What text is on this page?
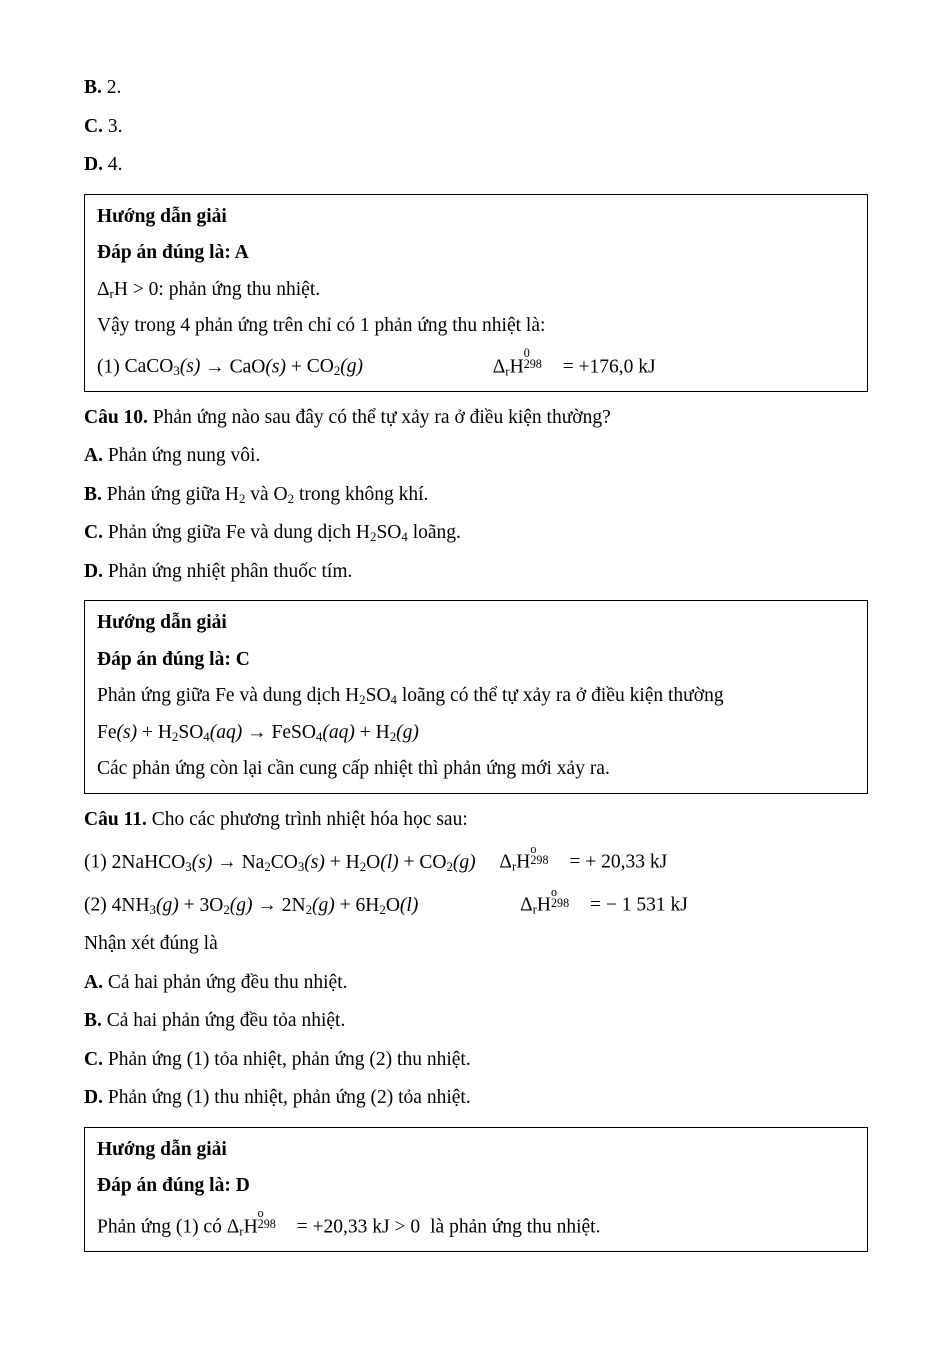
B. 2.
C. 3.
D. 4.
Hướng dẫn giải
Đáp án đúng là: A
$\Delta_rH > 0$: phản ứng thu nhiệt.
Vậy trong 4 phản ứng trên chỉ có 1 phản ứng thu nhiệt là:
(1) CaCO$_3$(s) → $CaO(s) + CO_2(g)$	$\Delta_rH$
0
298 = +176,0 kJ
Câu 10. Phản ứng nào sau đây có thể tự xảy ra ở điều kiện thường?
A. Phản ứng nung vôi.
B. Phản ứng giữa $H_2$ và $O_2$ trong không khí.
C. Phản ứng giữa Fe và dung dịch $H_2SO_4$ loãng.
D. Phản ứng nhiệt phân thuốc tím.
Hướng dẫn giải
Đáp án đúng là: C
Phản ứng giữa Fe và dung dịch $H_2SO_4$ loãng có thể tự xảy ra ở điều kiện thường
$Fe(s) + H_2SO_4(aq)$ → FeSO$_4$(aq) + $H_2(g)$
Các phản ứng còn lại cần cung cấp nhiệt thì phản ứng mới xảy ra.
Câu 11. Cho các phương trình nhiệt hóa học sau:
(1) 2NaHCO$_3$(s) → $Na_2CO_3(s) + H_2O(l) + CO_2(g)$ $\Delta_rH$
o
298 = + 20,33 kJ
(2) $4NH_3(g) + 3O_2(g) \to 2N_2(g) + 6H_2O(l)$	$\Delta_rH$
o
298 = − 1 531 kJ
Nhận xét đúng là
A. Cả hai phản ứng đều thu nhiệt.
B. Cả hai phản ứng đều tỏa nhiệt.
C. Phản ứng (1) tỏa nhiệt, phản ứng (2) thu nhiệt.
D. Phản ứng (1) thu nhiệt, phản ứng (2) tỏa nhiệt.
Hướng dẫn giải
Đáp án đúng là: D
Phản ứng (1) có $\Delta_rH$
o
298 = +20,33 kJ > 0 là phản ứng thu nhiệt.
